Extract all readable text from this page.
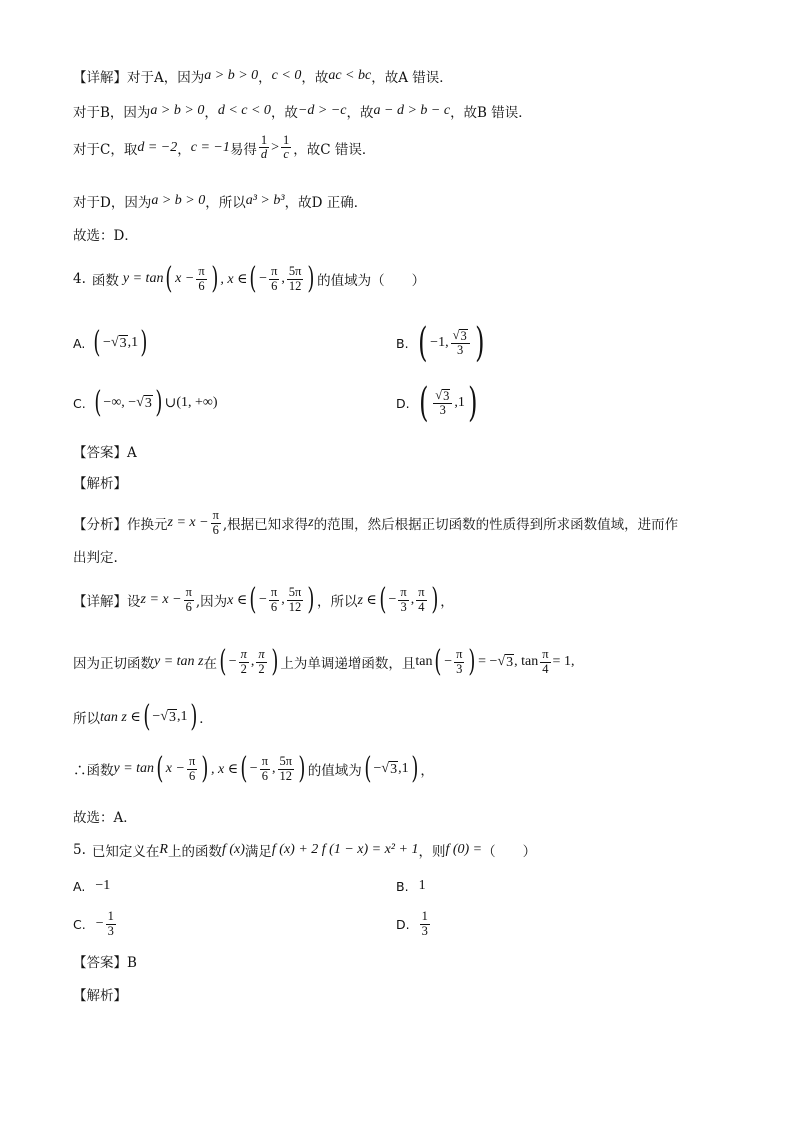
【详解】对于A，因为 a > b > 0 ， c < 0 ，故 ac < bc ，故A 错误．
对于B，因为 a > b > 0 ， d < c < 0 ，故 −d > −c ，故 a − d > b − c ，故B 错误．
对于C，取 d = −2 ， c = −1 易得 $\frac{1}{d} > \frac{1}{c}$ ，故C 错误．
对于D，因为 a > b > 0 ，所以 a³ > b³ ，故D 正确．
故选：D．
4. 函数 y = tan ( $x - \frac{\pi}{6}$ ) , x ∈ ( − $\frac{\pi}{6}$ , $\frac{5\pi}{12}$ ) 的值域为（　　）
A. ( − √ 3 ,1 )	B. ( −1, $\frac{√ 3}{3}$ )
C. ( −∞, − √ 3 ) ∪ (1, +∞)	D. ( $\frac{√ 3}{3} ,1$ )
【答案】A
【解析】
【分析】作换元 $z = x - \frac{\pi}{6}$ ,根据已知求得 z 的范围，然后根据正切函数的性质得到所求函数值域，进而作
出判定.
【详解】设 $z = x - \frac{\pi}{6}$ ,因为 x ∈ ( − $\frac{\pi}{6}$ , $\frac{5\pi}{12}$ ) ，所以 z ∈ ( − $\frac{\pi}{3}$ , $\frac{\pi}{4}$ ) ，
因为正切函数 y = tan z 在 ( − $\frac{\pi}{2}$ , $\frac{\pi}{2}$ ) 上为单调递增函数，且 tan ( − $\frac{\pi}{3}$ ) = − √ 3 , $\tan \frac{\pi}{4} = 1$,
所以 tan z ∈ ( − √ 3 ,1 ) ．
∴函数 y = tan ( $x - \frac{\pi}{6}$ ) , x ∈ ( − $\frac{\pi}{6}$ , $\frac{5\pi}{12}$ ) 的值域为 ( − √ 3 ,1 ) ，
故选：A．
5. 已知定义在 R 上的函数 f (x) 满足 f (x) + 2 f (1 − x) = x² + 1 ，则 f (0) = （　　）
A. −1	B. 1
C. − $\frac{1}{3}$	D. $\frac{1}{3}$
【答案】B
【解析】
